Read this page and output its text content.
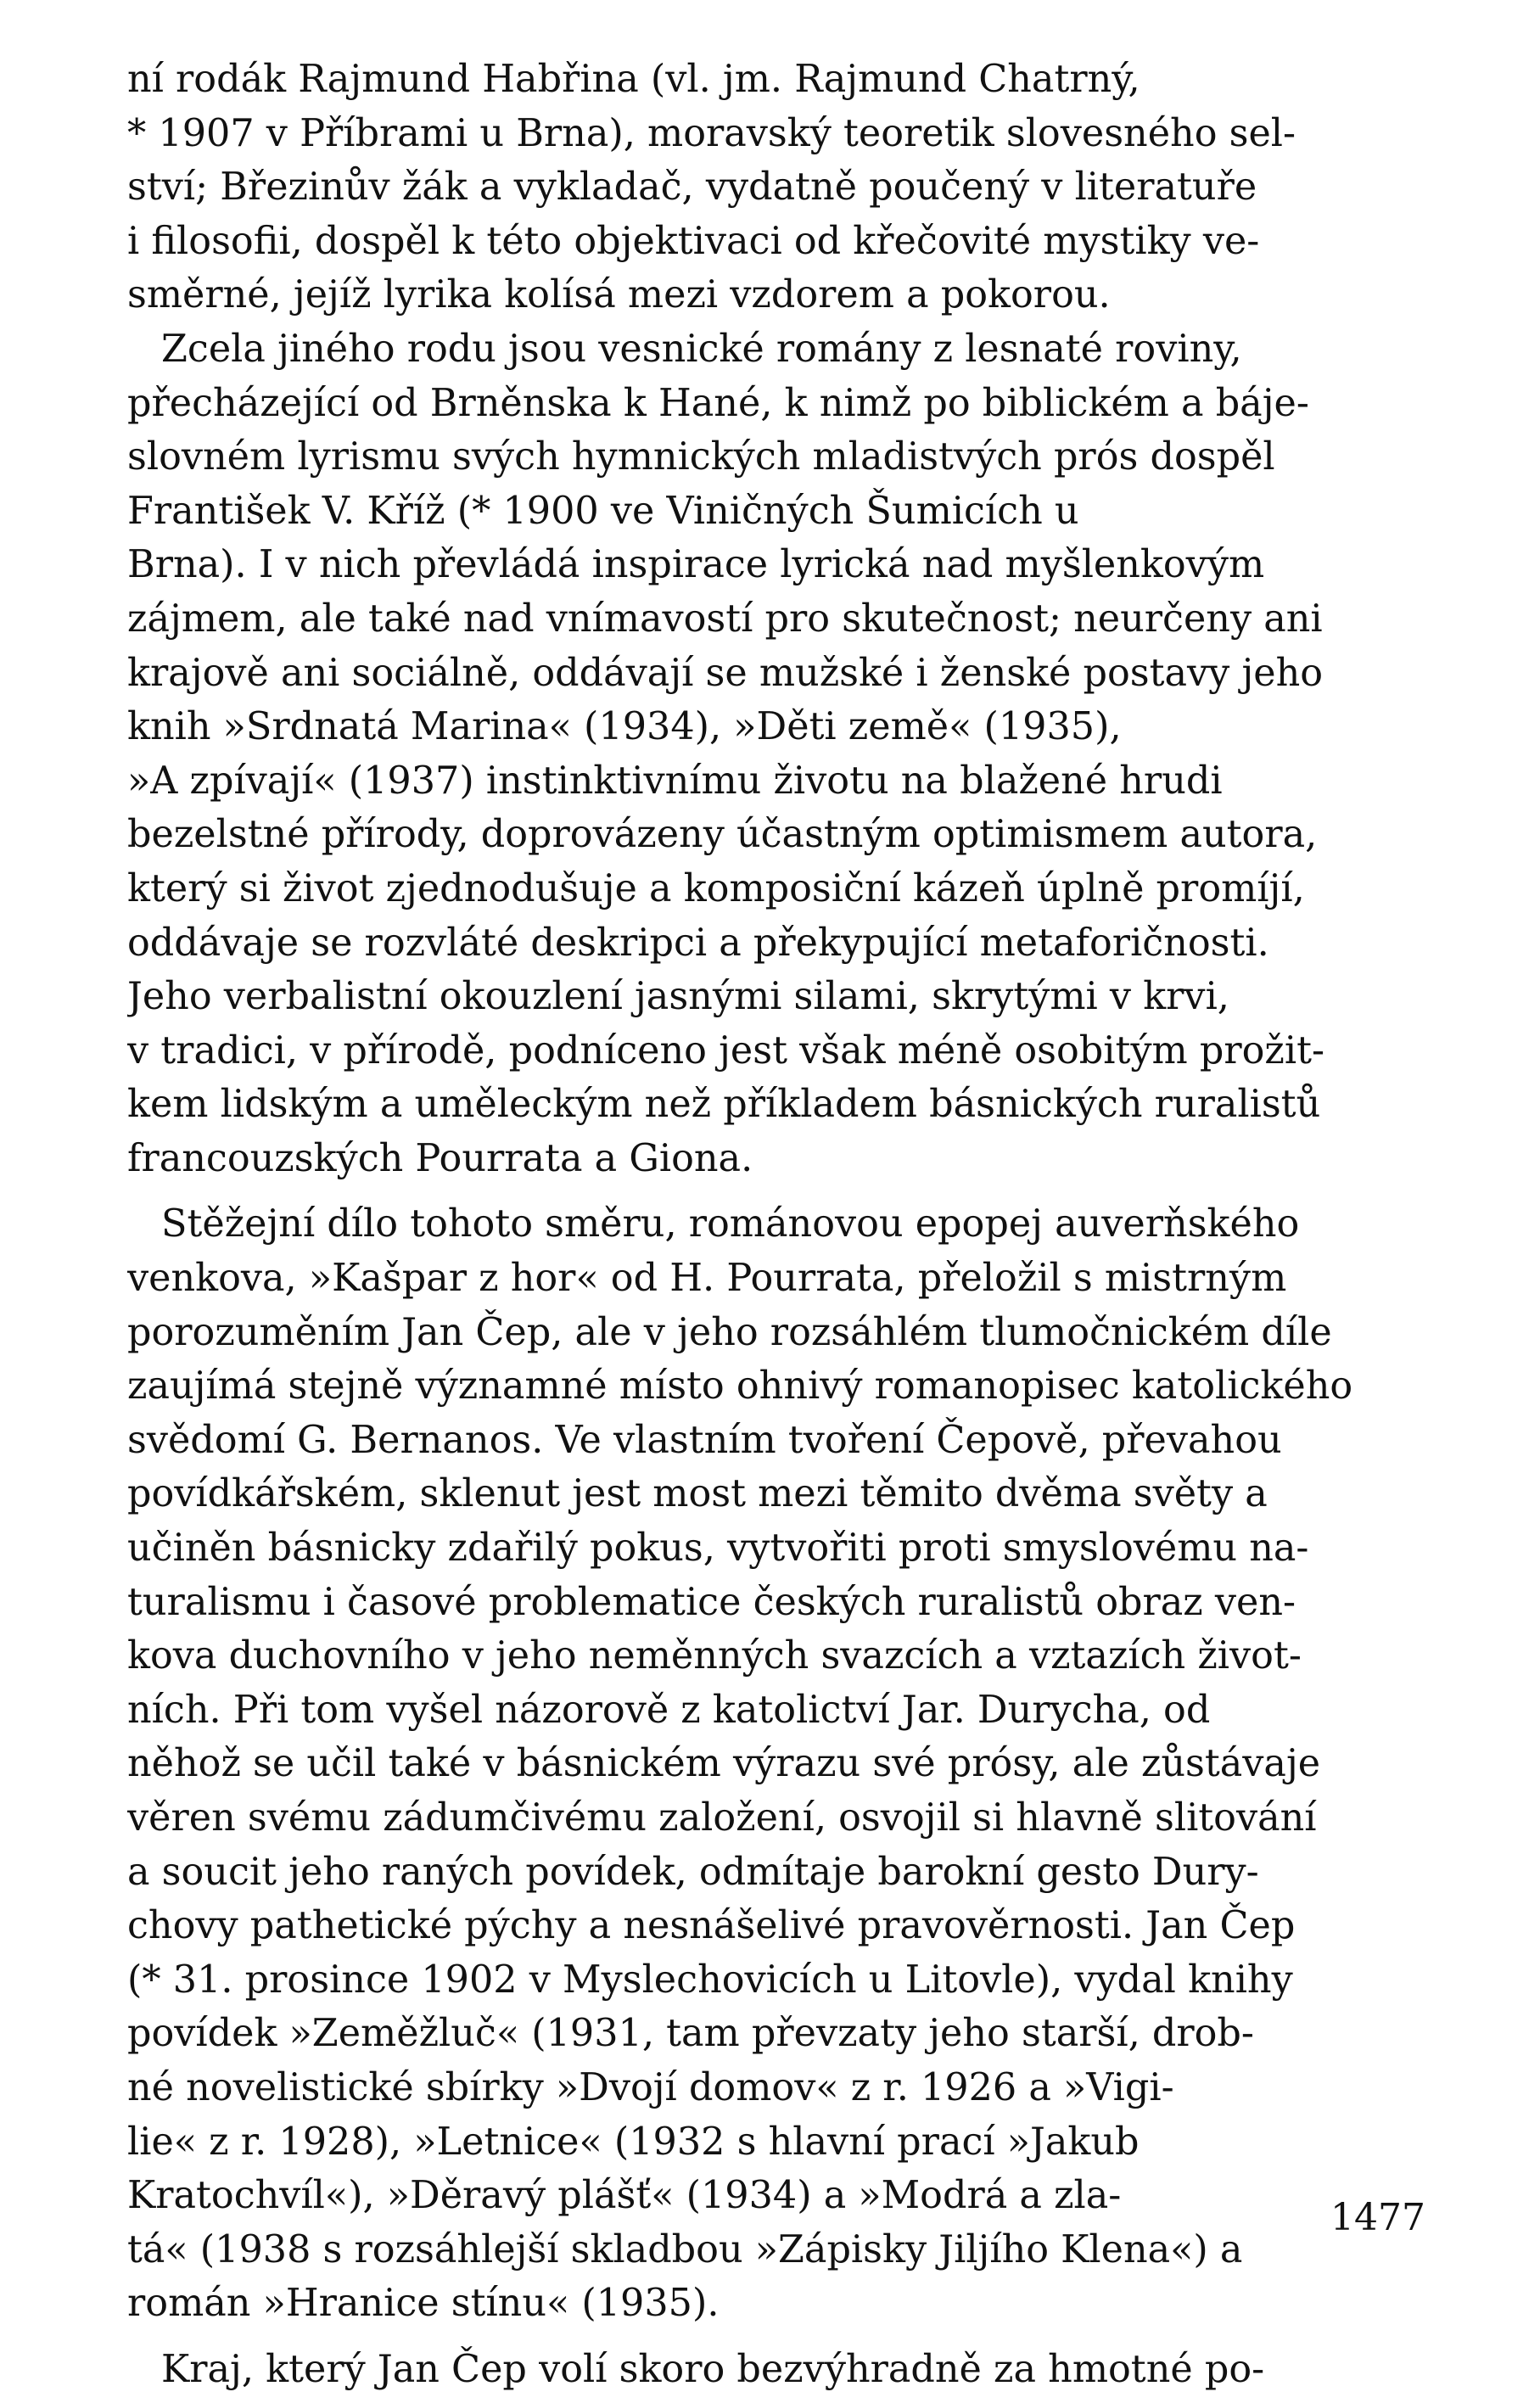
ní rodák Rajmund Habřina (vl. jm. Rajmund Chatrný,
* 1907 v Příbrami u Brna), moravský teoretik slovesného sel-
ství; Březinův žák a vykladač, vydatně poučený v literatuře
i filosofii, dospěl k této objektivaci od křečovité mystiky ve-
směrné, jejíž lyrika kolísá mezi vzdorem a pokorou.
Zcela jiného rodu jsou vesnické romány z lesnaté roviny,
přecházející od Brněnska k Hané, k nimž po biblickém a báje-
slovném lyrismu svých hymnických mladistvých prós dospěl
František V. Kříž (* 1900 ve Viničných Šumicích u
Brna). I v nich převládá inspirace lyrická nad myšlenkovým
zájmem, ale také nad vnímavostí pro skutečnost; neurčeny ani
krajově ani sociálně, oddávají se mužské i ženské postavy jeho
knih »Srdnatá Marina« (1934), »Děti země« (1935),
»A zpívají« (1937) instinktivnímu životu na blažené hrudi
bezelstné přírody, doprovázeny účastným optimismem autora,
který si život zjednodušuje a komposiční kázeň úplně promíjí,
oddávaje se rozvláté deskripci a překypující metaforičnosti.
Jeho verbalistní okouzlení jasnými silami, skrytými v krvi,
v tradici, v přírodě, podníceno jest však méně osobitým prožit-
kem lidským a uměleckým než příkladem básnických ruralistů
francouzských Pourrata a Giona.
Stěžejní dílo tohoto směru, románovou epopej auverňského
venkova, »Kašpar z hor« od H. Pourrata, přeložil s mistrným
porozuměním Jan Čep, ale v jeho rozsáhlém tlumočnickém díle
zaujímá stejně významné místo ohnivý romanopisec katolického
svědomí G. Bernanos. Ve vlastním tvoření Čepově, převahou
povídkářském, sklenut jest most mezi těmito dvěma světy a
učiněn básnicky zdařilý pokus, vytvořiti proti smyslovému na-
turalismu i časové problematice českých ruralistů obraz ven-
kova duchovního v jeho neměnných svazcích a vztazích život-
ních. Při tom vyšel názorově z katolictví Jar. Durycha, od
něhož se učil také v básnickém výrazu své prósy, ale zůstávaje
věren svému zádumčivému založení, osvojil si hlavně slitování
a soucit jeho raných povídek, odmítaje barokní gesto Dury-
chovy pathetické pýchy a nesnášelivé pravověrnosti. Jan Čep
(* 31. prosince 1902 v Myslechovicích u Litovle), vydal knihy
povídek »Zeměžluč« (1931, tam převzaty jeho starší, drob-
né novelistické sbírky »Dvojí domov« z r. 1926 a »Vigi-
lie« z r. 1928), »Letnice« (1932 s hlavní prací »Jakub
Kratochvíl«), »Děravý plášť« (1934) a »Modrá a zla-
tá« (1938 s rozsáhlejší skladbou »Zápisky Jiljího Klena«) a
román »Hranice stínu« (1935).
Kraj, který Jan Čep volí skoro bezvýhradně za hmotné po-
1477
